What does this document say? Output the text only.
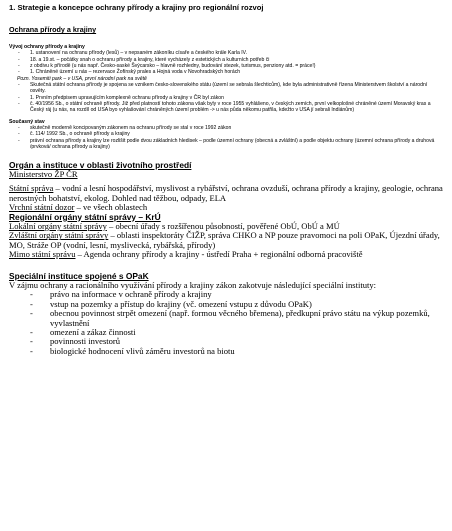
1. Strategie a koncepce ochrany přírody a krajiny pro regionální rozvoj
Ochrana přírody a krajiny
Vývoj ochrany přírody a krajiny
- 1. ustanovení na ochranu přírody (lesů) – v nepsaném zákoníku císaře a českého krále Karla IV.
- 18. a 19.st. – počátky snah o ochranu přírody a krajiny, které vycházely z estetických a kulturních potřeb či
- z obdivu k přírodě (u nás např. Česko-saské Švýcarsko – hlavně rozhledny, budování stezek, turismus, penziony atd. = práce!)
- 1. Chráněné území u nás – rezervace Žofínský prales a Hojná voda v Novohradských horách
Pozn. Yosemiti park – v USA, první národní park na světě
- Skutečná státní ochrana přírody je spojena se vznikem česko-slovenského státu (území se sebrala šlechticům), kde byla administrativně řízena Ministerstvem školství a národní osvěty.
- 1. Prvním předpisem upravujícím komplexně ochranu přírody a krajiny v ČR byl zákon
- č. 40/1956 Sb., o státní ochraně přírody. Již před platností tohoto zákona však byly v roce 1955 vyhlášeno, v českých zemích, první velkoplošné chráněné území Moravský kras a Český ráj (u nás, na rozdíl od USA byo vyhlašování chráněných území problém -> u nás půda někomu patřila, kdežto v USA jí sebrali Indiánům)
Současný stav
- skutečně moderně koncipovaným zákonem na ochranu přírody se stal v roce 1992 zákon
- č. 114/ 1992 Sb., o ochraně přírody a krajiny
- právní ochrana přírody a krajiny lze rozlišit podle dvou základních hledisek – podle územní ochrany (obecná a zvláštní) a podle objektu ochrany (územní ochrana přírody a druhová /prvková/ ochrana přírody a krajiny)
Orgán a instituce v oblasti životního prostředí

Ministerstvo ŽP ČR

Státní správa – vodní a lesní hospodářství, myslivost a rybářství, ochrana ovzduší, ochrana přírody a krajiny, geologie, ochrana nerostných bohatství, ekolog. Dohled nad těžbou, odpady, ELA

Vrchní státní dozor – ve všech oblastech

Regionální orgány státní správy – KrÚ

Lokální orgány státní správy – obecní úřady s rozšířenou působností, pověřené ObÚ, ObÚ a MÚ

Zvláštní orgány státní správy – oblasti inspektoráty ČIŽP, správa CHKO a NP pouze pravomoci na poli OPaK, Újezdní úřady, MO, Stráže OP (vodní, lesní, myslivecká, rybářská, přírody)

Mimo státní správu – Agenda ochrany přírody a krajiny - ústředí Praha + regionální odborná pracoviště

Speciální instituce spojené s OPaK

V zájmu ochrany a racionálního využívání přírody a krajiny zákon zakotvuje následující speciální instituty:

- právo na informace v ochraně přírody a krajiny
- vstup na pozemky a přístup do krajiny (vč. omezení vstupu z důvodu OPaK)
- obecnou povinnost strpět omezení (např. formou věcného břemena), předkupní právo státu na výkup pozemků, vyvlastnění
- omezení a zákaz činnosti
- povinnosti investorů
- biologické hodnocení vlivů záměru investorů na biotu
